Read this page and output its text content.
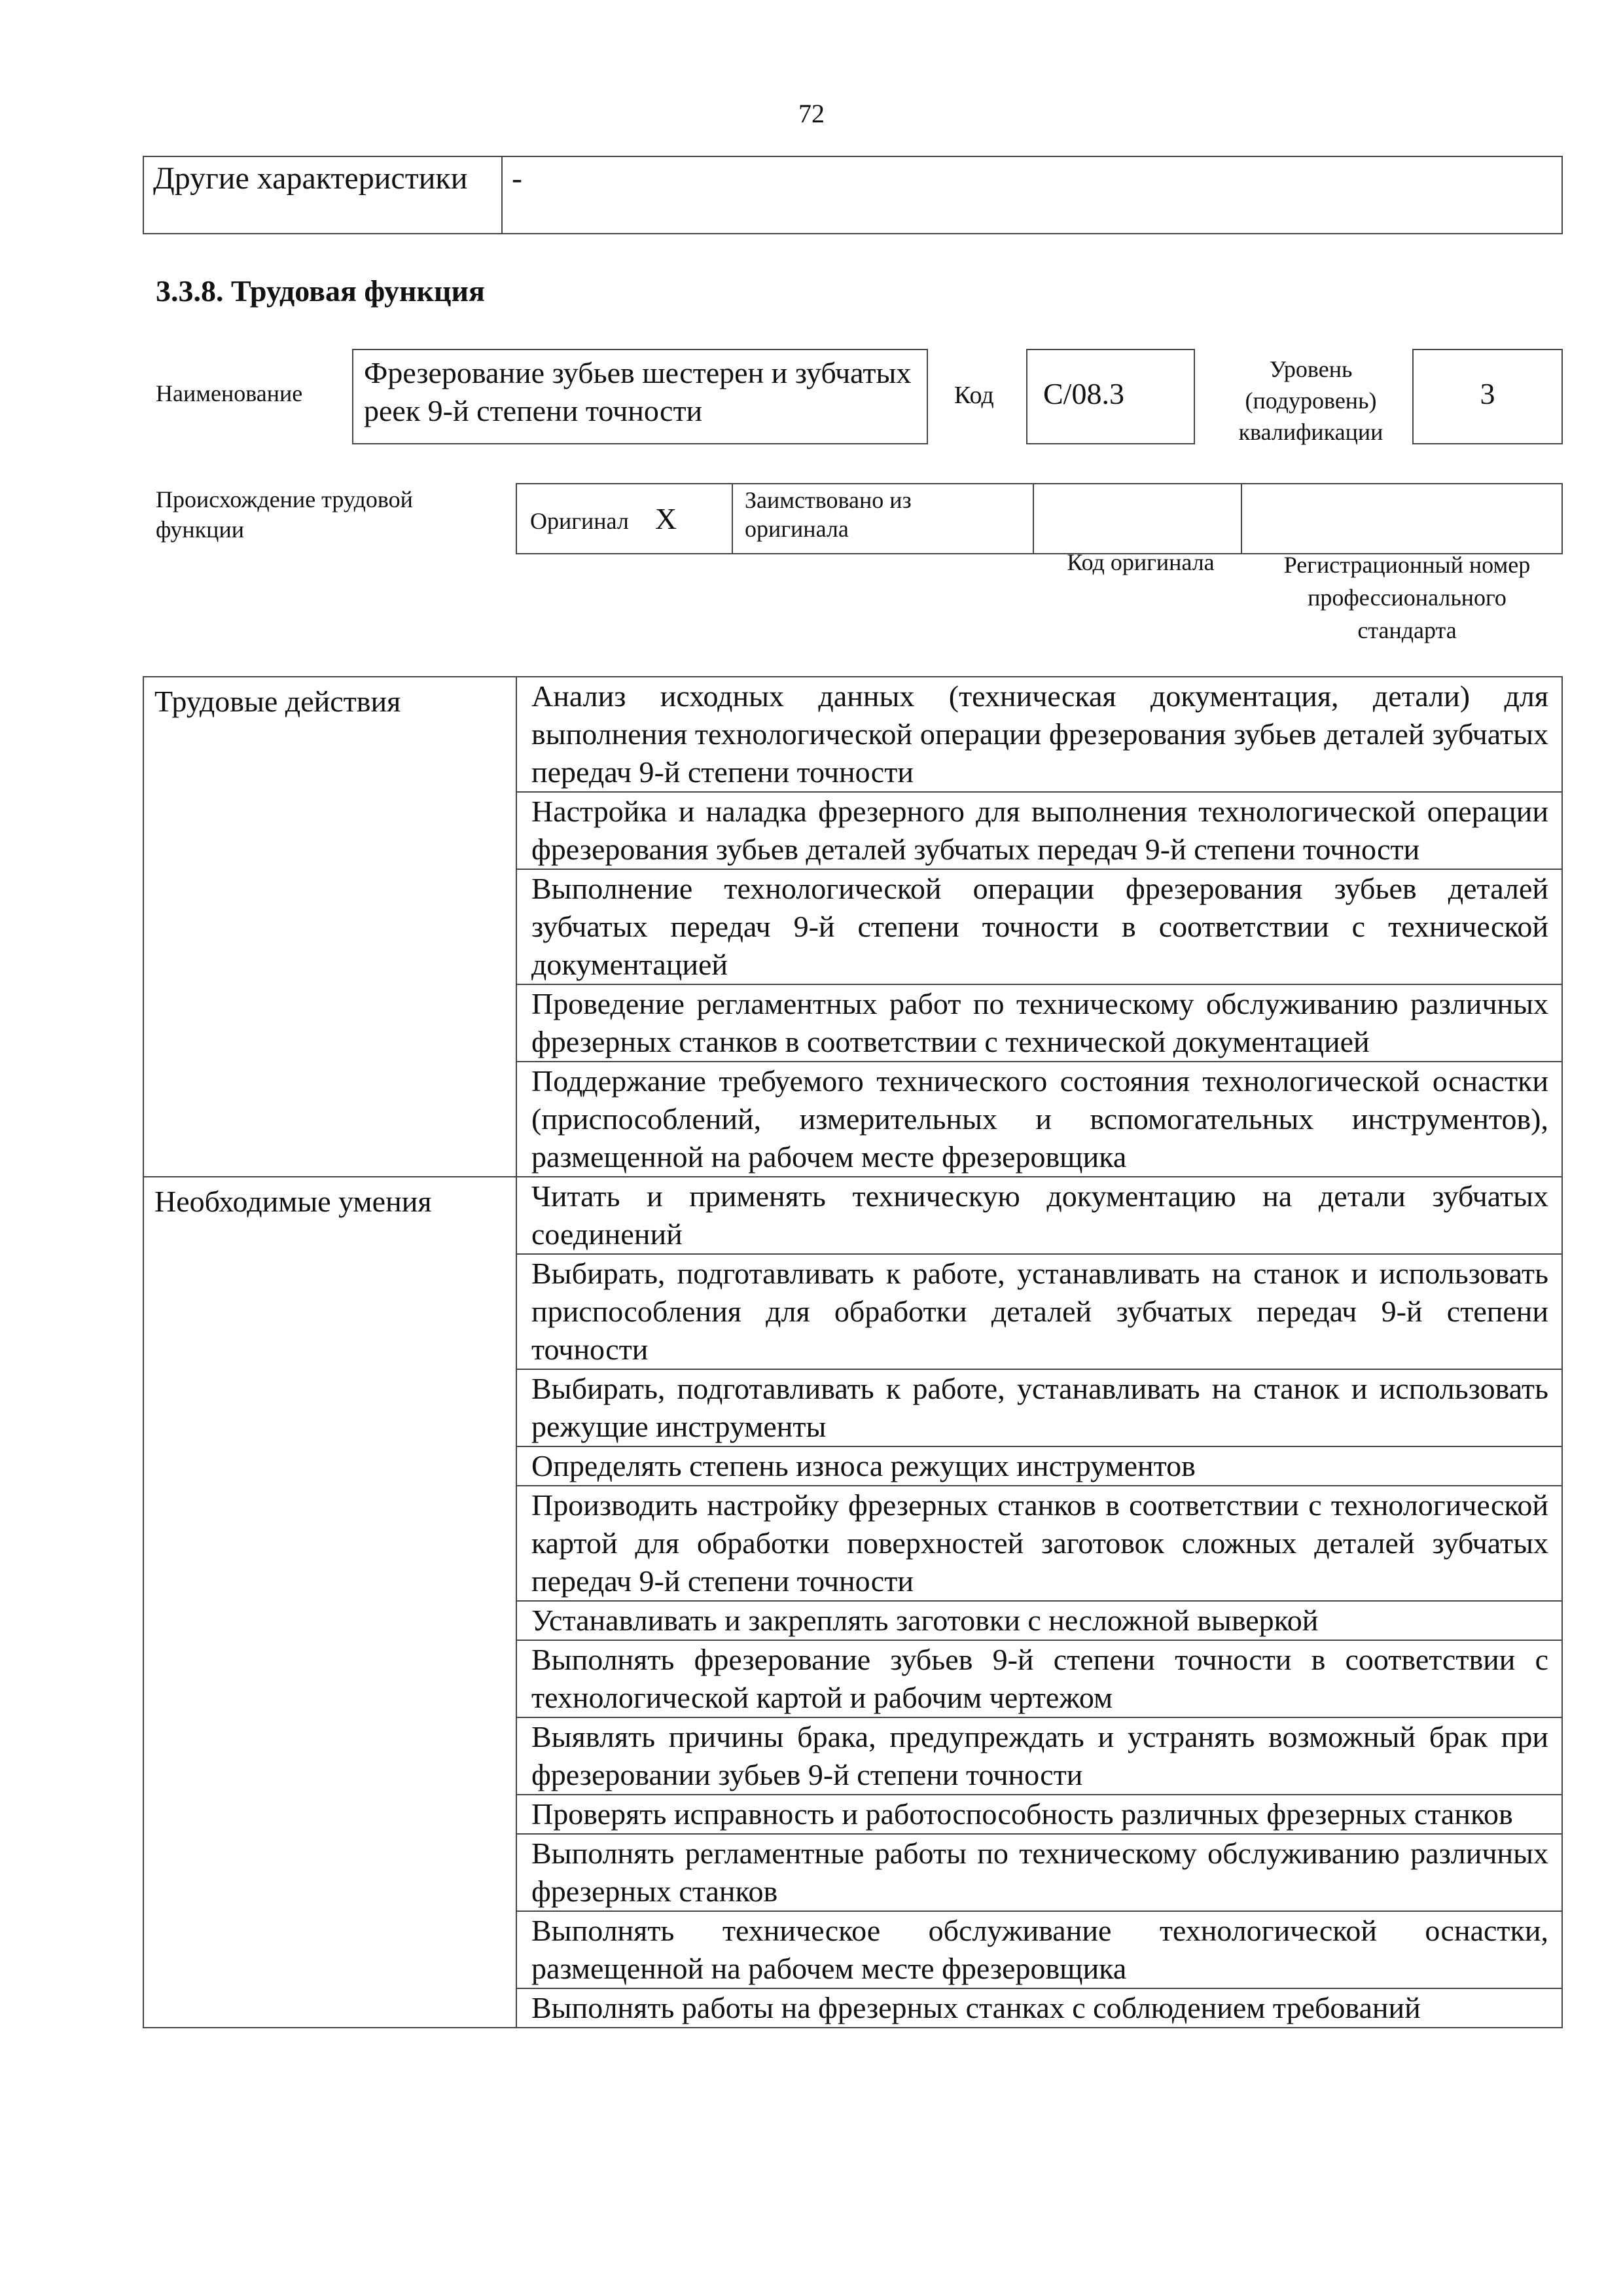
72
Другие характеристики	-
3.3.8. Трудовая функция
Наименование
Фрезерование зубьев шестерен и зубчатых реек 9-й степени точности	Код	С/08.3
Уровень (подуровень) квалификации
3
Происхождение трудовой функции	Оригинал Х	Заимствовано из оригинала		
Код оригинала	Регистрационный номер профессионального стандарта
Трудовые действия	Анализ исходных данных (техническая документация, детали) для выполнения технологической операции фрезерования зубьев деталей зубчатых передач 9-й степени точности
	Настройка и наладка фрезерного для выполнения технологической операции фрезерования зубьев деталей зубчатых передач 9-й степени точности
	Выполнение технологической операции фрезерования зубьев деталей зубчатых передач 9-й степени точности в соответствии с технической документацией
	Проведение регламентных работ по техническому обслуживанию различных фрезерных станков в соответствии с технической документацией
	Поддержание требуемого технического состояния технологической оснастки (приспособлений, измерительных и вспомогательных инструментов), размещенной на рабочем месте фрезеровщика
Необходимые умения	Читать и применять техническую документацию на детали зубчатых соединений
	Выбирать, подготавливать к работе, устанавливать на станок и использовать приспособления для обработки деталей зубчатых передач 9-й степени точности
	Выбирать, подготавливать к работе, устанавливать на станок и использовать режущие инструменты
	Определять степень износа режущих инструментов
	Производить настройку фрезерных станков в соответствии с технологической картой для обработки поверхностей заготовок сложных деталей зубчатых передач 9-й степени точности
	Устанавливать и закреплять заготовки с несложной выверкой
	Выполнять фрезерование зубьев 9-й степени точности в соответствии с технологической картой и рабочим чертежом
	Выявлять причины брака, предупреждать и устранять возможный брак при фрезеровании зубьев 9-й степени точности
	Проверять исправность и работоспособность различных фрезерных станков
	Выполнять регламентные работы по техническому обслуживанию различных фрезерных станков
	Выполнять техническое обслуживание технологической оснастки, размещенной на рабочем месте фрезеровщика
	Выполнять работы на фрезерных станках с соблюдением требований
